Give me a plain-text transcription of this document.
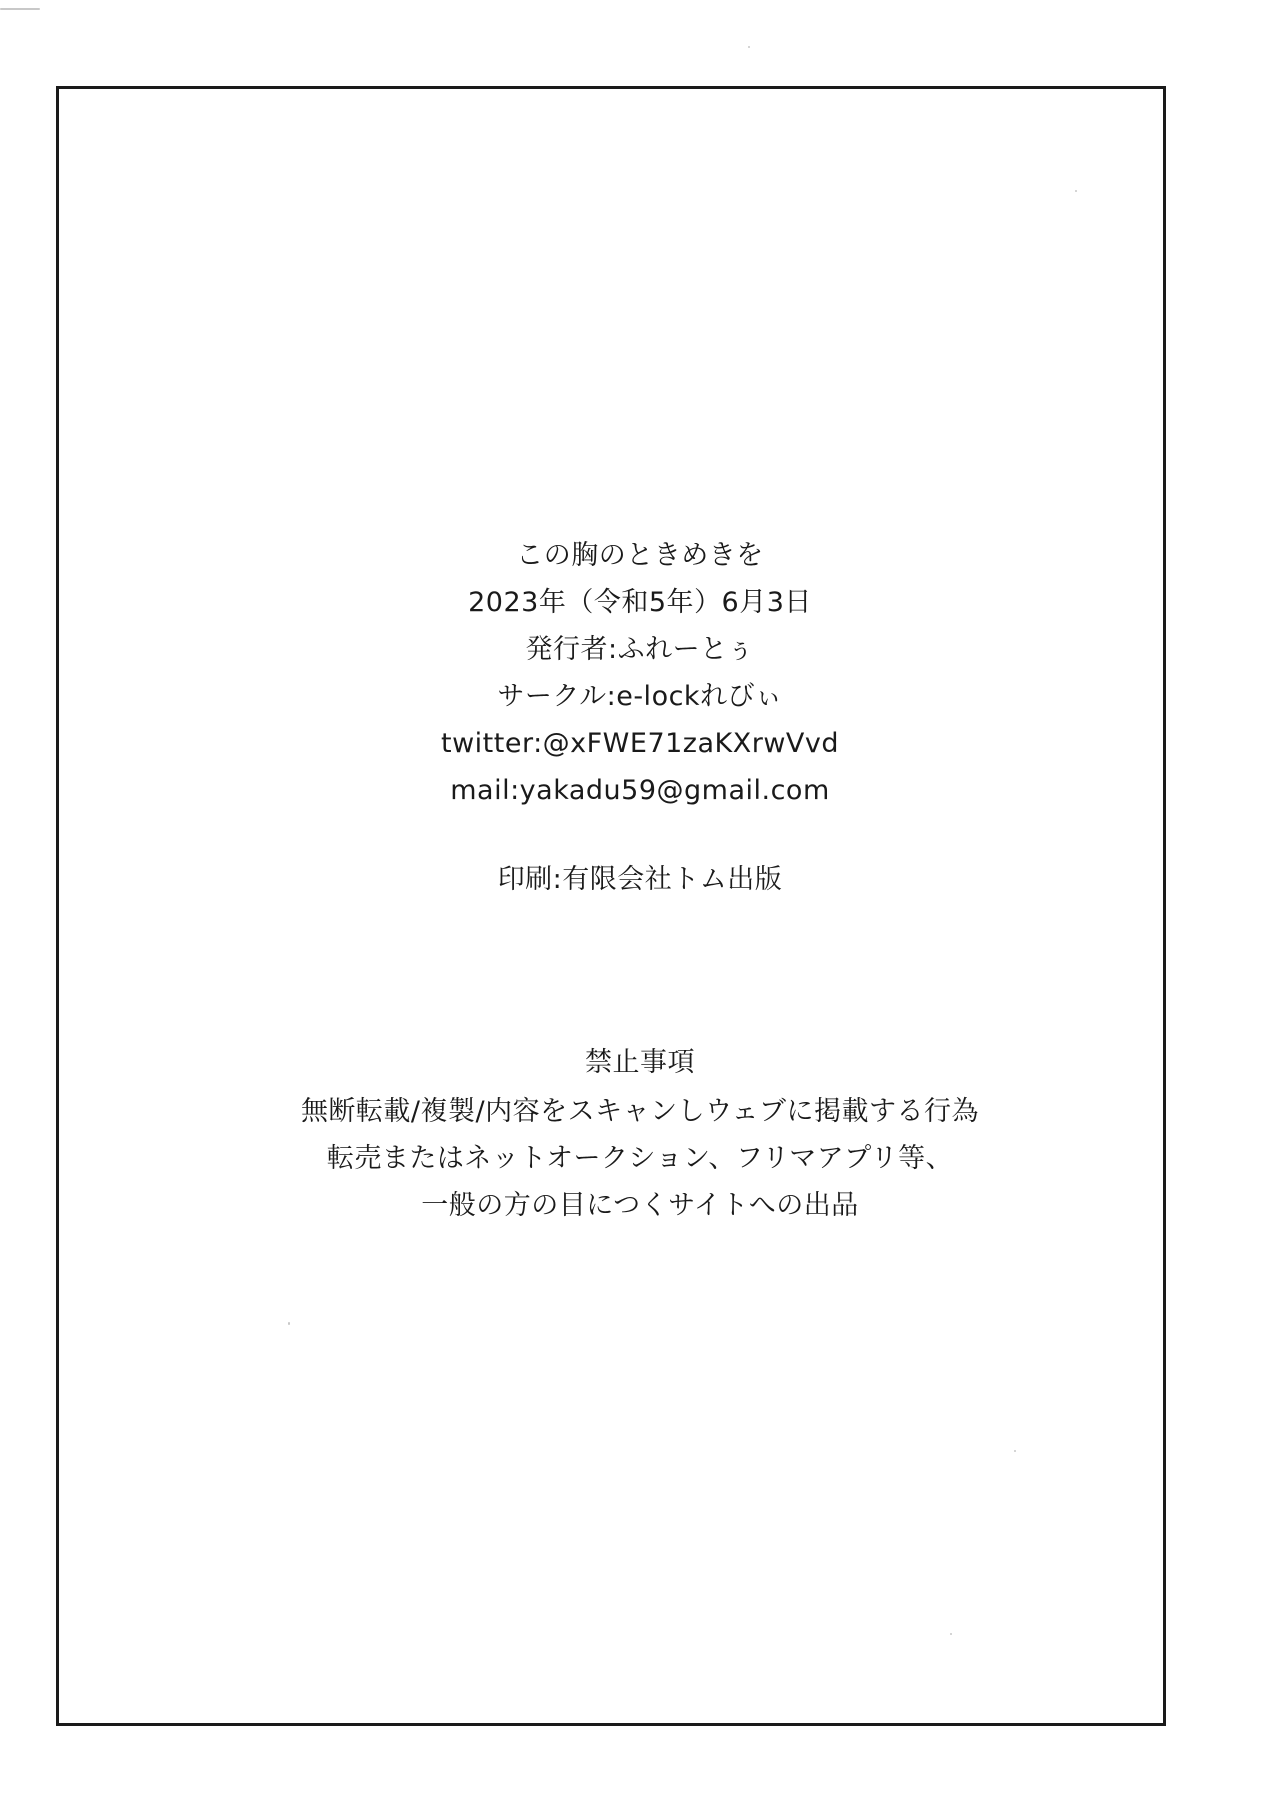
この胸のときめきを
2023年（令和5年）6月3日
発行者:ふれーとぅ
サークル:e-lockれびぃ
twitter:@xFWE71zaKXrwVvd
mail:yakadu59@gmail.com
印刷:有限会社トム出版
禁止事項
無断転載/複製/内容をスキャンしウェブに掲載する行為
転売またはネットオークション、フリマアプリ等、
一般の方の目につくサイトへの出品
